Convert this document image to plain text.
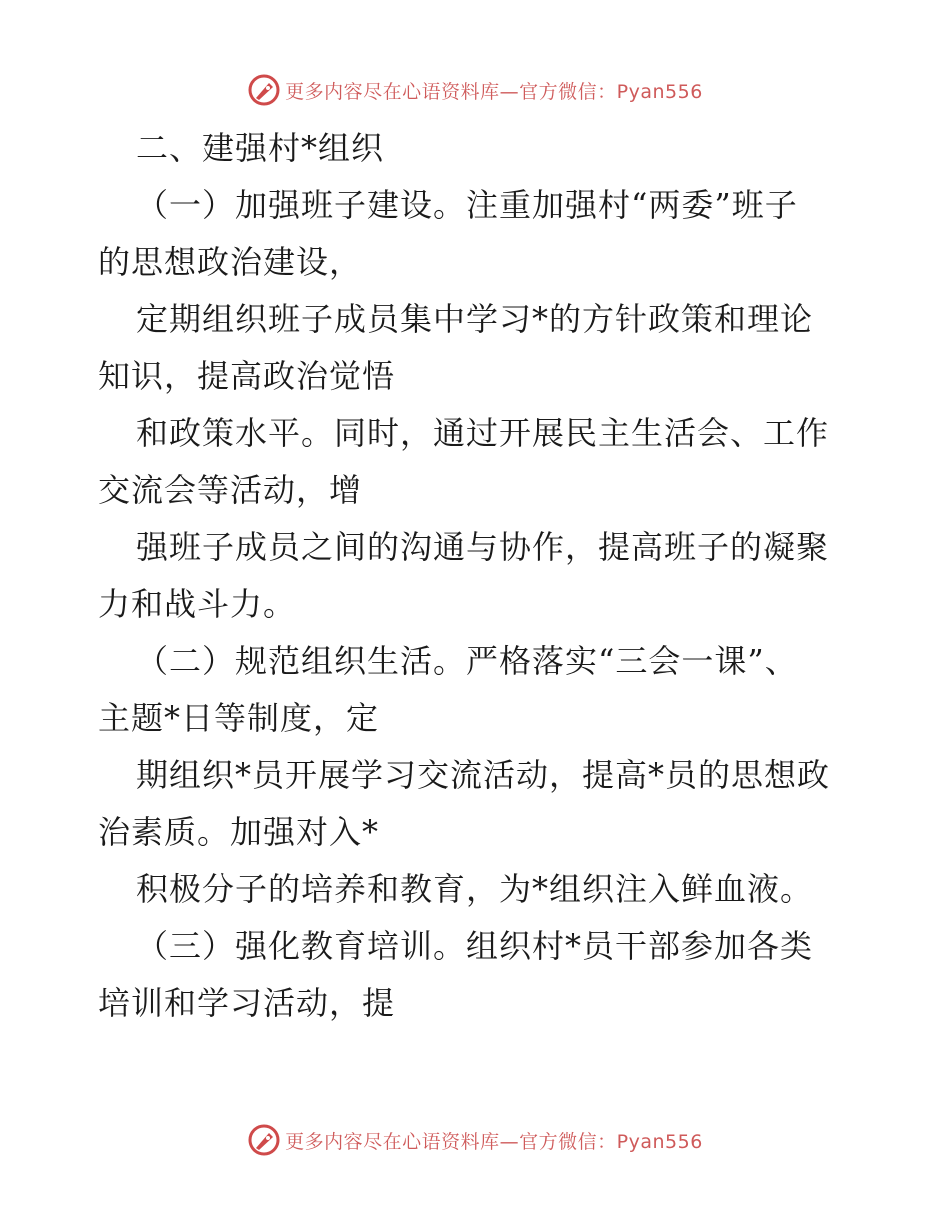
更多内容尽在心语资料库—官方微信：Pyan556
二、建强村*组织
（一）加强班子建设。注重加强村“两委”班子
的思想政治建设，
定期组织班子成员集中学习*的方针政策和理论
知识，提高政治觉悟
和政策水平。同时，通过开展民主生活会、工作
交流会等活动，增
强班子成员之间的沟通与协作，提高班子的凝聚
力和战斗力。
（二）规范组织生活。严格落实“三会一课”、
主题*日等制度，定
期组织*员开展学习交流活动，提高*员的思想政
治素质。加强对入*
积极分子的培养和教育，为*组织注入鲜血液。
（三）强化教育培训。组织村*员干部参加各类
培训和学习活动，提
更多内容尽在心语资料库—官方微信：Pyan556
